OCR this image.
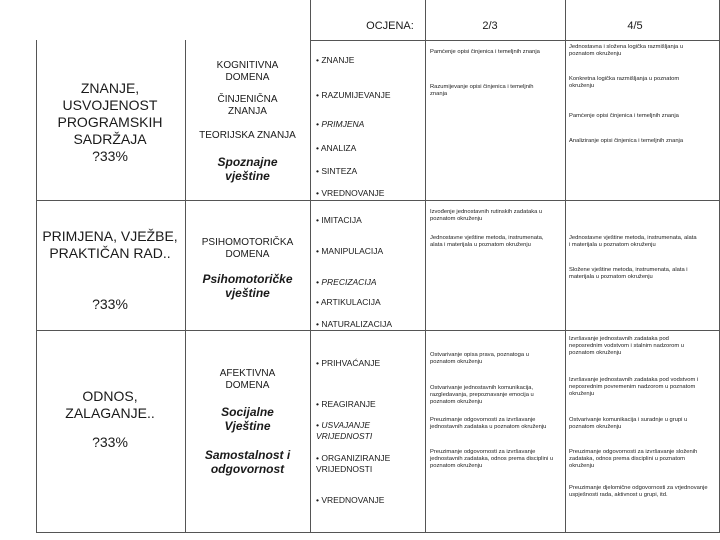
OCJENA:	2/3	4/5
ZNANJE, USVOJENOST PROGRAMSKIH SADRŽAJA
?33%
KOGNITIVNA DOMENA
ČINJENIČNA ZNANJA
TEORIJSKA ZNANJA
Spoznajne vještine
• ZNANJE
• RAZUMIJEVANJE
• PRIMJENA
• ANALIZA
• SINTEZA
• VREDNOVANJE
Pamćenje opisi činjenica i temeljnih znanja
Jednostavna i složena logička razmišljanja u poznatom okruženju
Razumijevanje opisi činjenica i temeljnih znanja
Konkretna logička razmišljanja u poznatom okruženju
Pamćenje opisi činjenica i temeljnih znanja
Analiziranje opisi činjenica i temeljnih znanja
PRIMJENA, VJEŽBE, PRAKTIČAN RAD..
?33%
PSIHOMOTORIČKA DOMENA
Psihomotoričke vještine
• IMITACIJA
• MANIPULACIJA
• PRECIZACIJA
• ARTIKULACIJA
• NATURALIZACIJA
Izvođenje jednostavnih rutinskih zadataka u poznatom okruženju
Jednostavne vještine metoda, instrumenata, alata i materijala u poznatom okruženju
Jednostavne vještine metoda, instrumenata, alata i materijala u poznatom okruženju
Složene vještine metoda, instrumenata, alata i materijala u poznatom okruženju
ODNOS, ZALAGANJE..
?33%
AFEKTIVNA DOMENA
Socijalne Vještine
Samostalnost i odgovornost
• PRIHVAĆANJE
• REAGIRANJE
• USVAJANJE VRIJEDNOSTI
• ORGANIZIRANJE VRIJEDNOSTI
• VREDNOVANJE
Ostvarivanje opisa prava, poznatoga u poznatom okruženju
Izvršavanje jednostavnih zadataka pod neposrednim vodstvom i stalnim nadzorom u poznatom okruženju
Ostvarivanje jednostavnih komunikacija, razgledavanja, prepoznavanje emocija u poznatom okruženju
Izvršavanje jednostavnih zadataka pod vodstvom i neposrednim povremenim nadzorom u poznatom okruženju
Preuzimanje odgovornosti za izvršavanje jednostavnih zadataka u poznatom okruženju
Ostvarivanje komunikacija i suradnje u grupi u poznatom okruženju
Preuzimanje odgovornosti za izvršavanje jednostavnih zadataka, odnos prema disciplini u poznatom okruženju
Preuzimanje odgovornosti za izvršavanje složenih zadataka, odnos prema disciplini u poznatom okruženju
Preuzimanje djelomične odgovornosti za vrjednovanje uspješnosti rada, aktivnost u grupi, itd.
